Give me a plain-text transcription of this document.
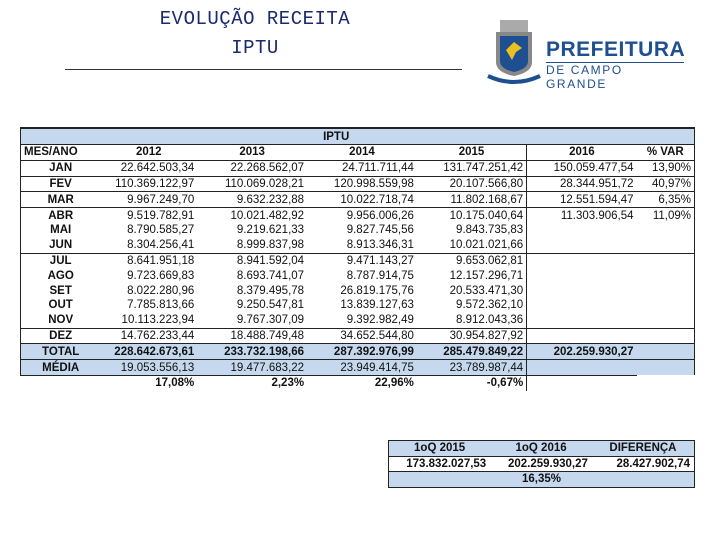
EVOLUÇÃO RECEITA
IPTU	PREFEITURA
DE CAMPO GRANDE
			IPTU			
MES/ANO	2012	2013	2014	2015	2016	% VAR
JAN	22.642.503,34	22.268.562,07	24.711.711,44	131.747.251,42	150.059.477,54	13,90%
FEV	110.369.122,97	110.069.028,21	120.998.559,98	20.107.566,80	28.344.951,72	40,97%
MAR	9.967.249,70	9.632.232,88	10.022.718,74	11.802.168,67	12.551.594,47	6,35%
ABR	9.519.782,91	10.021.482,92	9.956.006,26	10.175.040,64	11.303.906,54	11,09%
MAI	8.790.585,27	9.219.621,33	9.827.745,56	9.843.735,83		
JUN	8.304.256,41	8.999.837,98	8.913.346,31	10.021.021,66		
JUL	8.641.951,18	8.941.592,04	9.471.143,27	9.653.062,81		
AGO	9.723.669,83	8.693.741,07	8.787.914,75	12.157.296,71		
SET	8.022.280,96	8.379.495,78	26.819.175,76	20.533.471,30		
OUT	7.785.813,66	9.250.547,81	13.839.127,63	9.572.362,10		
NOV	10.113.223,94	9.767.307,09	9.392.982,49	8.912.043,36		
DEZ	14.762.233,44	18.488.749,48	34.652.544,80	30.954.827,92		
TOTAL	228.642.673,61	233.732.198,66	287.392.976,99	285.479.849,22	202.259.930,27	
MÉDIA	19.053.556,13	19.477.683,22	23.949.414,75	23.789.987,44		
	17,08%	2,23%	22,96%	-0,67%		
1oQ 2015	1oQ 2016	DIFERENÇA
173.832.027,53	202.259.930,27	28.427.902,74
16,35%		
